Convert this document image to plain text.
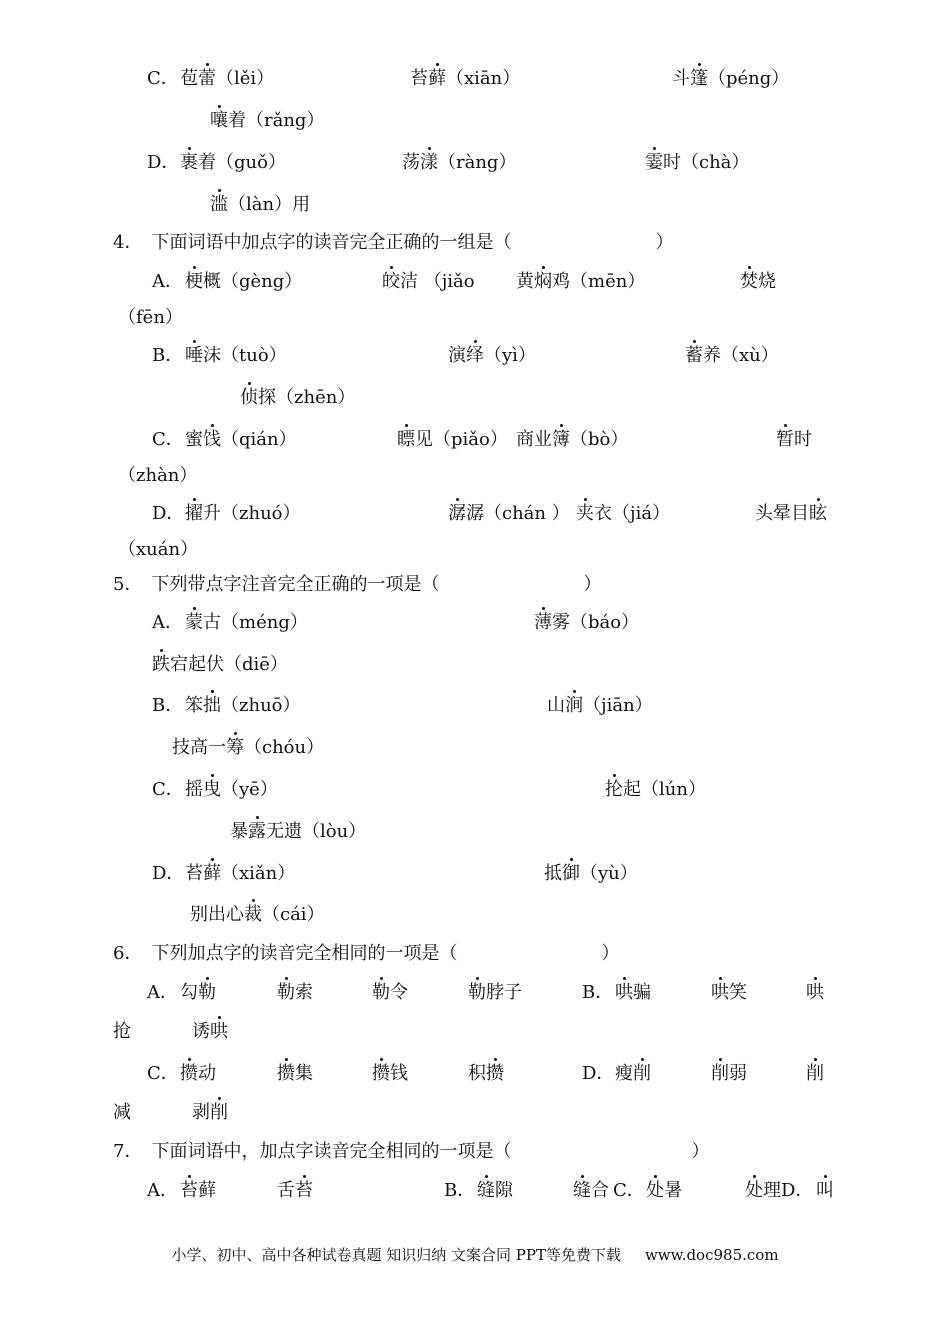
C． 苞蕾（lěi）	苔藓（xiān）	斗篷（péng）
嚷着（rǎng）
D． 裹着（guǒ）	荡漾（ràng）	霎时（chà）
滥（làn）用
4．　下面词语中加点字的读音完全正确的一组是（　　　　　　　　）
A． 梗概（gèng）	皎洁 （jiǎo 黄焖鸡（mēn）	焚烧
（fēn）
B． 唾沫（tuò）	演绎（yì）	蓄养（xù）
侦探（zhēn）
C． 蜜饯（qián）	瞟见（piǎo） 商业簿（bò）	暂时
（zhàn）
D． 擢升（zhuó）	潺潺（chán ） 夹衣（jiá）	头晕目眩
（xuán）
5．　下列带点字注音完全正确的一项是（　　　　　　　　）
A． 蒙古（méng）	薄雾（báo）
跌宕起伏（diē）
B． 笨拙（zhuō）	山涧（jiān）
技高一筹（chóu）
C． 摇曳（yē）	抡起（lún）
暴露无遗（lòu）
D． 苔藓（xiǎn）	抵御（yù）
别出心裁（cái）
6．　下列加点字的读音完全相同的一项是（　　　　　　　　）
A． 勾勒	勒索	勒令	勒脖子	B． 哄骗	哄笑	哄
抢	诱哄
C． 攒动	攒集	攒钱	积攒	D． 瘦削	削弱	削
减	剥削
7．　下面词语中，加点字读音完全相同的一项是（　　　　　　　　　　）
A． 苔藓	舌苔	B． 缝隙	缝合 C． 处暑	处理 D． 叫
小学、初中、高中各种试卷真题 知识归纳 文案合同 PPT等免费下载 www.doc985.com
